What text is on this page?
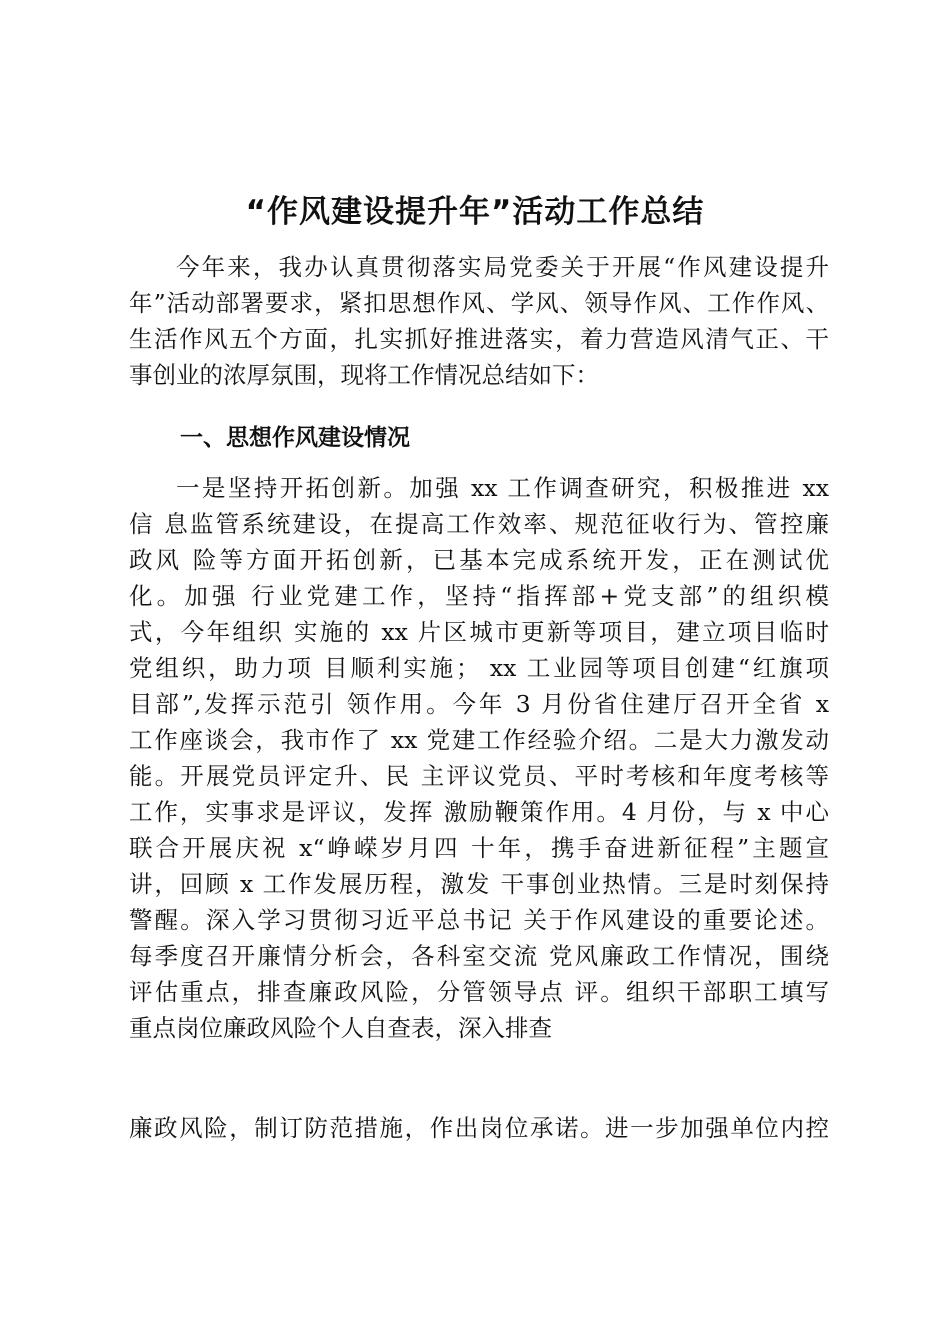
“作风建设提升年”活动工作总结
今年来，我办认真贯彻落实局党委关于开展“作风建设提升
年”活动部署要求，紧扣思想作风、学风、领导作风、工作作风、
生活作风五个方面，扎实抓好推进落实，着力营造风清气正、干
事创业的浓厚氛围，现将工作情况总结如下：
一、思想作风建设情况
一是坚持开拓创新。加强 xx 工作调查研究，积极推进 xx
信 息监管系统建设，在提高工作效率、规范征收行为、管控廉
政风 险等方面开拓创新，已基本完成系统开发，正在测试优
化。加强 行业党建工作，坚持“指挥部+党支部”的组织模
式，今年组织 实施的 xx 片区城市更新等项目，建立项目临时
党组织，助力项 目顺利实施； xx 工业园等项目创建“红旗项
目部”,发挥示范引 领作用。今年 3 月份省住建厅召开全省 x
工作座谈会，我市作了 xx 党建工作经验介绍。二是大力激发动
能。开展党员评定升、民 主评议党员、平时考核和年度考核等
工作，实事求是评议，发挥 激励鞭策作用。4 月份，与 x 中心
联合开展庆祝 x“峥嵘岁月四 十年，携手奋进新征程”主题宣
讲，回顾 x 工作发展历程，激发 干事创业热情。三是时刻保持
警醒。深入学习贯彻习近平总书记 关于作风建设的重要论述。
每季度召开廉情分析会，各科室交流 党风廉政工作情况，围绕
评估重点，排查廉政风险，分管领导点 评。组织干部职工填写
重点岗位廉政风险个人自查表，深入排查
廉政风险，制订防范措施，作出岗位承诺。进一步加强单位内控
